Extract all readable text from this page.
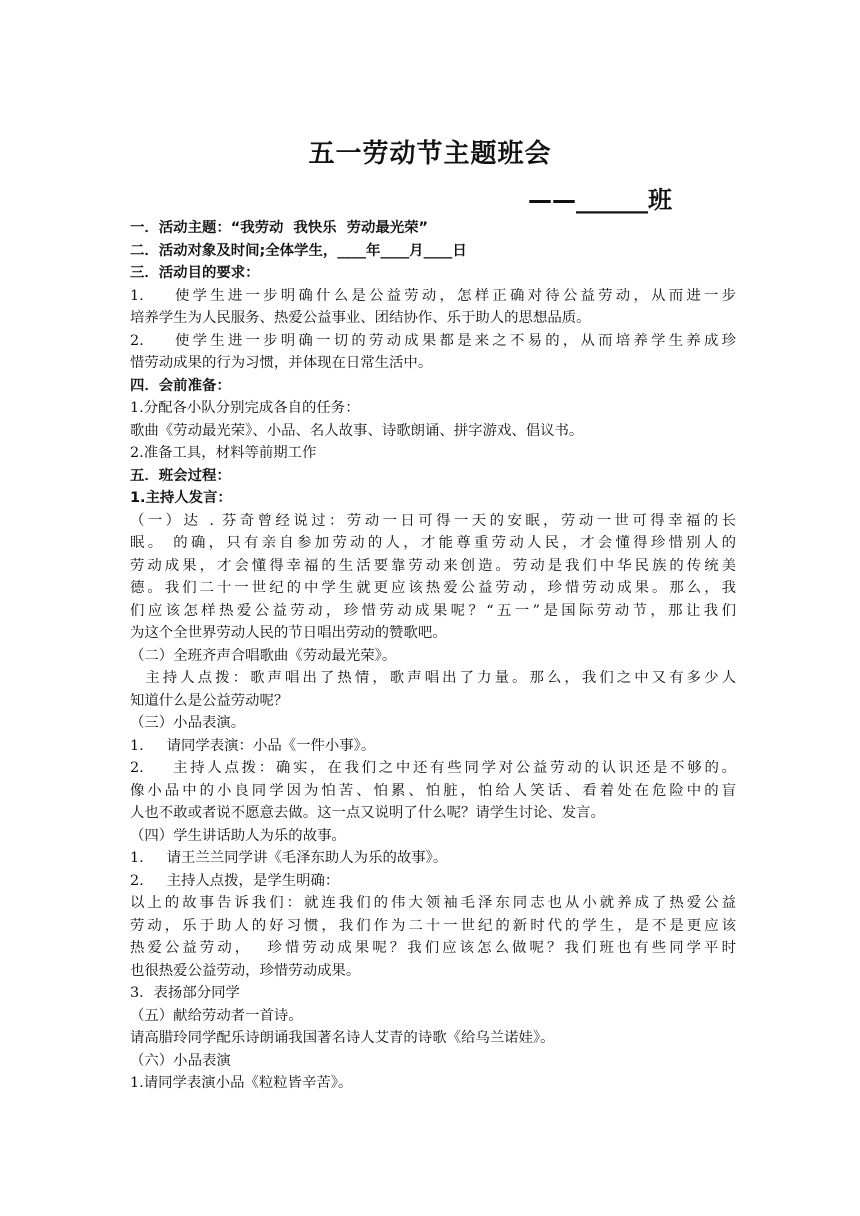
五一劳动节主题班会
——______班
一．活动主题：“我劳动  我快乐  劳动最光荣”
二．活动对象及时间;全体学生，____年____月____日
三．活动目的要求：
1.    使学生进一步明确什么是公益劳动，怎样正确对待公益劳动，从而进一步
培养学生为人民服务、热爱公益事业、团结协作、乐于助人的思想品质。
2.    使学生进一步明确一切的劳动成果都是来之不易的，从而培养学生养成珍
惜劳动成果的行为习惯，并体现在日常生活中。
四．会前准备：
1.分配各小队分别完成各自的任务：
歌曲《劳动最光荣》、小品、名人故事、诗歌朗诵、拼字游戏、倡议书。
2.准备工具，材料等前期工作
五．班会过程：
1.主持人发言：
（一）达 . 芬奇曾经说过：劳动一日可得一天的安眠，劳动一世可得幸福的长
眠。 的确，只有亲自参加劳动的人，才能尊重劳动人民，才会懂得珍惜别人的
劳动成果，才会懂得幸福的生活要靠劳动来创造。劳动是我们中华民族的传统美
德。我们二十一世纪的中学生就更应该热爱公益劳动，珍惜劳动成果。那么，我
们应该怎样热爱公益劳动，珍惜劳动成果呢？“五一”是国际劳动节，那让我们
为这个全世界劳动人民的节日唱出劳动的赞歌吧。
（二）全班齐声合唱歌曲《劳动最光荣》。
主持人点拨：歌声唱出了热情，歌声唱出了力量。那么，我们之中又有多少人
知道什么是公益劳动呢？
（三）小品表演。
1.     请同学表演：小品《一件小事》。
2.    主持人点拨：确实，在我们之中还有些同学对公益劳动的认识还是不够的。
像小品中的小良同学因为怕苦、怕累、怕脏，怕给人笑话、看着处在危险中的盲
人也不敢或者说不愿意去做。这一点又说明了什么呢？请学生讨论、发言。
（四）学生讲话助人为乐的故事。
1.     请王兰兰同学讲《毛泽东助人为乐的故事》。
2.     主持人点拨，是学生明确：
以上的故事告诉我们：就连我们的伟大领袖毛泽东同志也从小就养成了热爱公益
劳动，乐于助人的好习惯，我们作为二十一世纪的新时代的学生，是不是更应该
热爱公益劳动，  珍惜劳动成果呢？我们应该怎么做呢？我们班也有些同学平时
也很热爱公益劳动，珍惜劳动成果。
3．表扬部分同学
（五）献给劳动者一首诗。
请高腊玲同学配乐诗朗诵我国著名诗人艾青的诗歌《给乌兰诺娃》。
（六）小品表演
1.请同学表演小品《粒粒皆辛苦》。
